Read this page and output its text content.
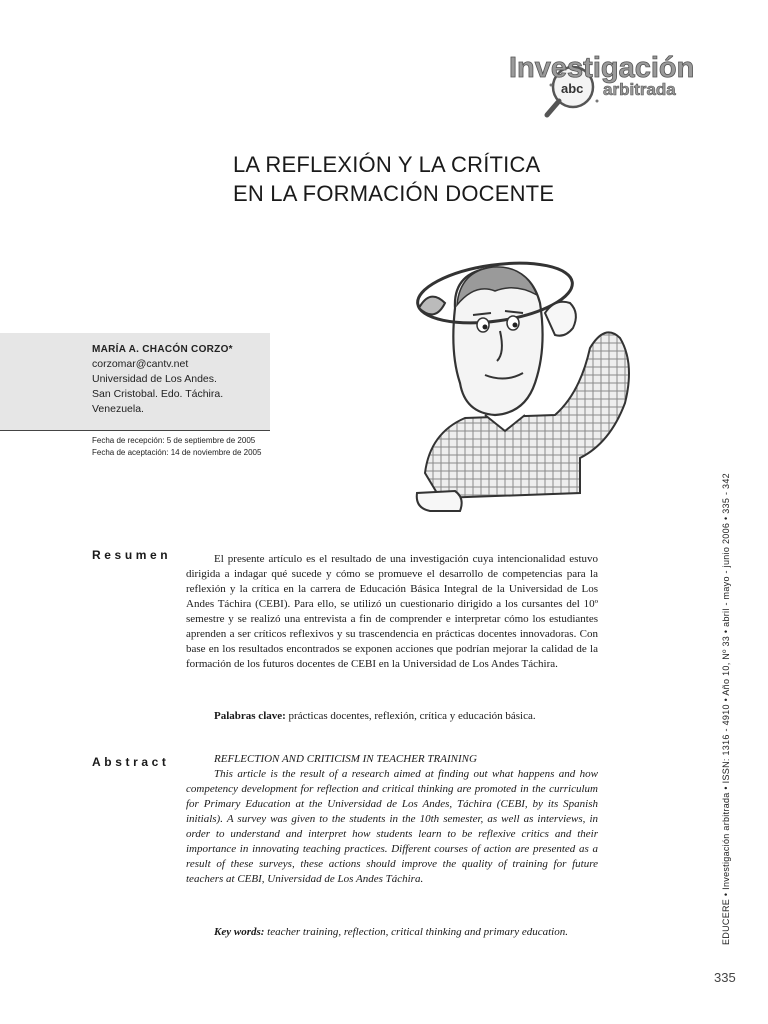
Investigación
arbitrada
abc
LA REFLEXIÓN Y LA CRÍTICA
EN LA FORMACIÓN DOCENTE
MARÍA A. CHACÓN CORZO*
corzomar@cantv.net
Universidad de Los Andes.
San Cristobal. Edo. Táchira.
Venezuela.
Fecha de recepción: 5 de septiembre de 2005
Fecha de aceptación: 14 de noviembre de 2005
Resumen	El presente artículo es el resultado de una investigación cuya intencionalidad estuvo dirigida a indagar qué sucede y cómo se promueve el desarrollo de competencias para la reflexión y la crítica en la carrera de Educación Básica Integral de la Universidad de Los Andes Táchira (CEBI). Para ello, se utilizó un cuestionario dirigido a los cursantes del 10º semestre y se realizó una entrevista a fin de comprender e interpretar cómo los estudiantes aprenden a ser críticos reflexivos y su trascendencia en prácticas docentes innovadoras. Con base en los resultados encontrados se exponen acciones que podrían mejorar la calidad de la formación de los futuros docentes de CEBI en la Universidad de Los Andes Táchira.

Palabras clave: prácticas docentes, reflexión, crítica y educación básica.
Abstract	REFLECTION AND CRITICISM IN TEACHER TRAINING

This article is the result of a research aimed at finding out what happens and how competency development for reflection and critical thinking are promoted in the curriculum for Primary Education at the Universidad de Los Andes, Táchira (CEBI, by its Spanish initials). A survey was given to the students in the 10th semester, as well as interviews, in order to understand and interpret how students learn to be reflexive critics and their importance in innovating teaching practices. Different courses of action are presented as a result of these surveys, these actions should improve the quality of training for future teachers at CEBI, Universidad de Los Andes Táchira.

Key words: teacher training, reflection, critical thinking and primary education.	EDUCERE • Investigación arbitrada • ISSN: 1316 - 4910 • Año 10, Nº 33 • abril - mayo - junio 2006 • 335 - 342
335
